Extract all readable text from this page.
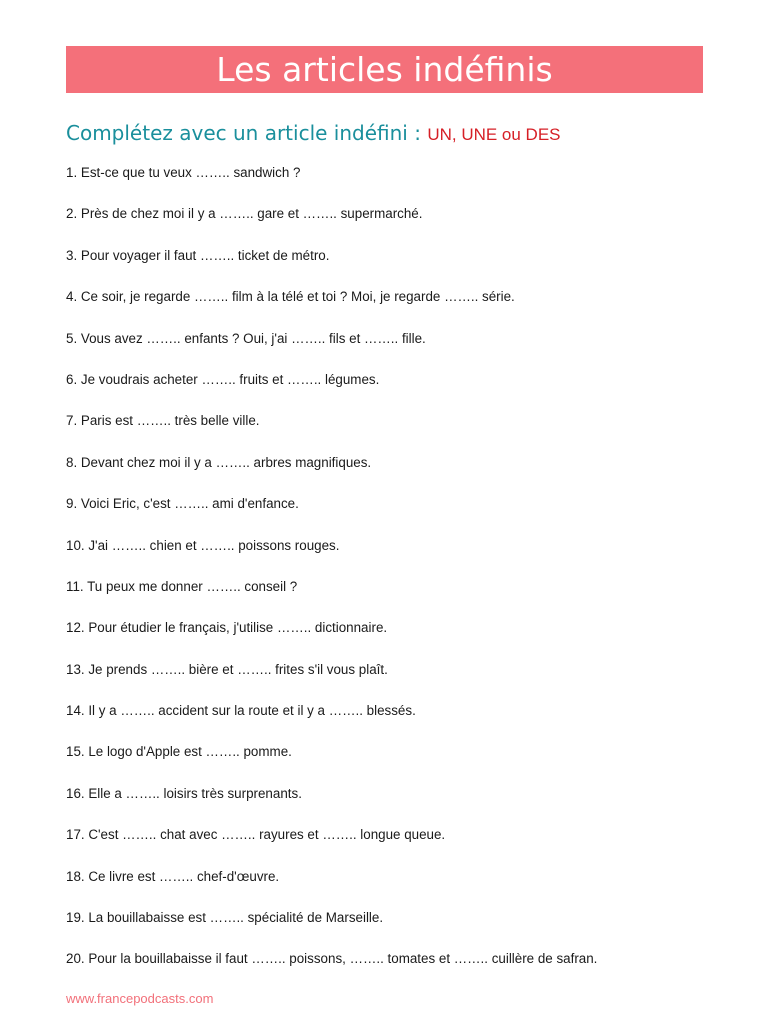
Les articles indéfinis
Complétez avec un article indéfini : UN, UNE ou DES
1. Est-ce que tu veux …….. sandwich ?
2. Près de chez moi il y a …….. gare et …….. supermarché.
3. Pour voyager il faut …….. ticket de métro.
4. Ce soir, je regarde …….. film à la télé et toi ? Moi, je regarde …….. série.
5. Vous avez …….. enfants ? Oui, j'ai …….. fils et …….. fille.
6. Je voudrais acheter …….. fruits et …….. légumes.
7. Paris est …….. très belle ville.
8. Devant chez moi il y a …….. arbres magnifiques.
9. Voici Eric, c'est …….. ami d'enfance.
10. J'ai …….. chien et …….. poissons rouges.
11. Tu peux me donner …….. conseil ?
12. Pour étudier le français, j'utilise …….. dictionnaire.
13. Je prends …….. bière et …….. frites s'il vous plaît.
14. Il y a …….. accident sur la route et il y a …….. blessés.
15. Le logo d'Apple est …….. pomme.
16. Elle a …….. loisirs très surprenants.
17. C'est …….. chat avec …….. rayures et …….. longue queue.
18. Ce livre est …….. chef-d'œuvre.
19. La bouillabaisse est …….. spécialité de Marseille.
20. Pour la bouillabaisse il faut …….. poissons, …….. tomates et …….. cuillère de safran.
www.francepodcasts.com
